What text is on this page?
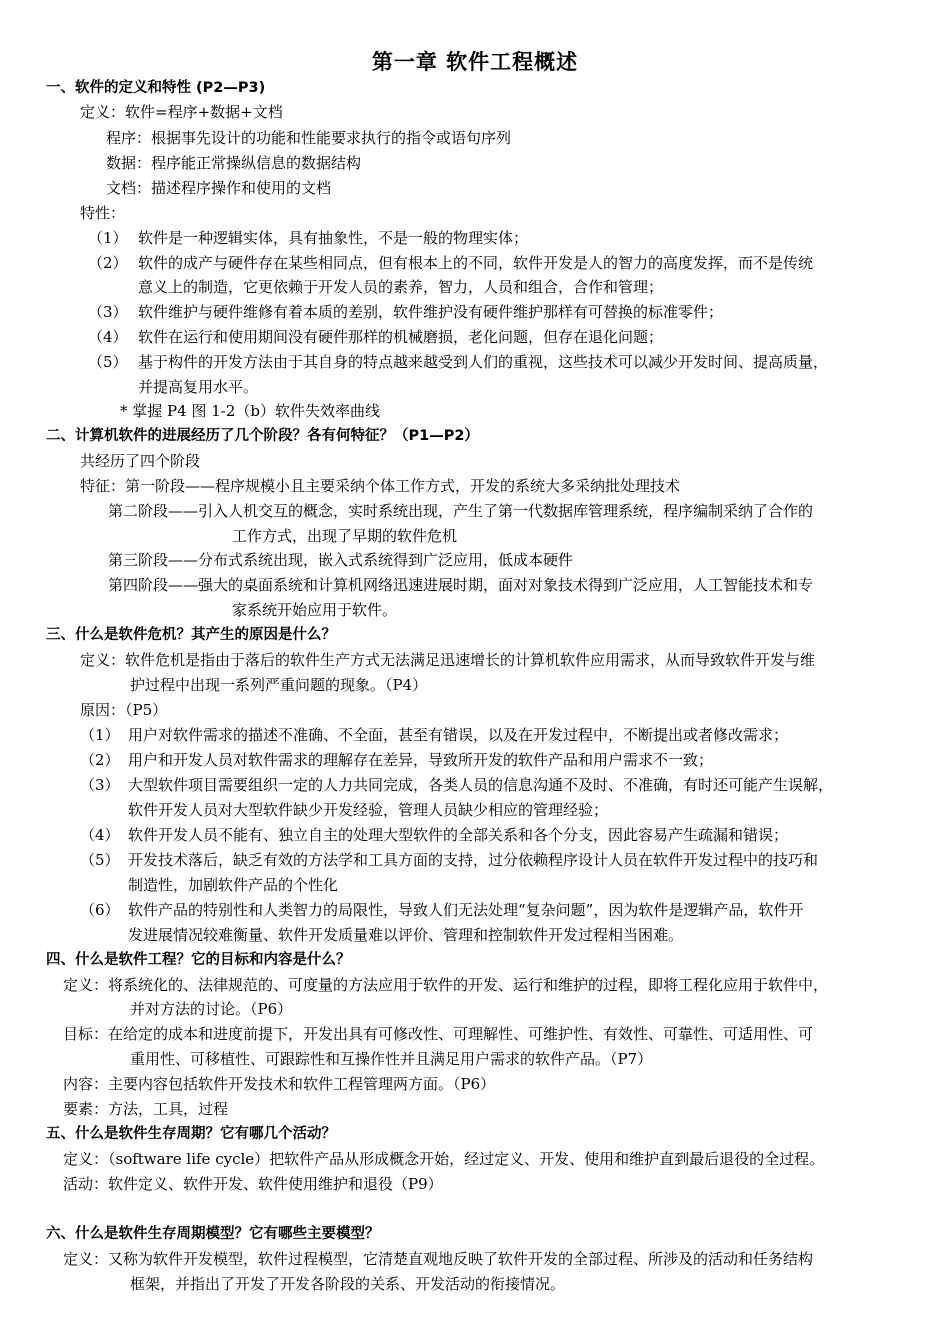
第一章 软件工程概述
一、软件的定义和特性 (P2—P3)
定义：软件=程序+数据+文档
程序：根据事先设计的功能和性能要求执行的指令或语句序列
数据：程序能正常操纵信息的数据结构
文档：描述程序操作和使用的文档
特性：
（1） 软件是一种逻辑实体，具有抽象性，不是一般的物理实体；
（2） 软件的成产与硬件存在某些相同点，但有根本上的不同，软件开发是人的智力的高度发挥，而不是传统
意义上的制造，它更依赖于开发人员的素养，智力，人员和组合，合作和管理；
（3） 软件维护与硬件维修有着本质的差别，软件维护没有硬件维护那样有可替换的标准零件；
（4） 软件在运行和使用期间没有硬件那样的机械磨损，老化问题，但存在退化问题；
（5） 基于构件的开发方法由于其自身的特点越来越受到人们的重视，这些技术可以减少开发时间、提高质量，
并提高复用水平。
* 掌握 P4 图 1-2（b）软件失效率曲线
二、计算机软件的进展经历了几个阶段？各有何特征？（P1—P2）
共经历了四个阶段
特征：第一阶段——程序规模小且主要采纳个体工作方式，开发的系统大多采纳批处理技术
第二阶段——引入人机交互的概念，实时系统出现，产生了第一代数据库管理系统，程序编制采纳了合作的
工作方式，出现了早期的软件危机
第三阶段——分布式系统出现，嵌入式系统得到广泛应用，低成本硬件
第四阶段——强大的桌面系统和计算机网络迅速进展时期，面对对象技术得到广泛应用，人工智能技术和专
家系统开始应用于软件。
三、什么是软件危机？其产生的原因是什么？
定义：软件危机是指由于落后的软件生产方式无法满足迅速增长的计算机软件应用需求，从而导致软件开发与维
护过程中出现一系列严重问题的现象。（P4）
原因：（P5）
（1） 用户对软件需求的描述不准确、不全面，甚至有错误，以及在开发过程中，不断提出或者修改需求；
（2） 用户和开发人员对软件需求的理解存在差异，导致所开发的软件产品和用户需求不一致；
（3） 大型软件项目需要组织一定的人力共同完成，各类人员的信息沟通不及时、不准确，有时还可能产生误解，
软件开发人员对大型软件缺少开发经验，管理人员缺少相应的管理经验；
（4） 软件开发人员不能有、独立自主的处理大型软件的全部关系和各个分支，因此容易产生疏漏和错误；
（5） 开发技术落后，缺乏有效的方法学和工具方面的支持，过分依赖程序设计人员在软件开发过程中的技巧和
制造性，加剧软件产品的个性化
（6） 软件产品的特别性和人类智力的局限性，导致人们无法处理“复杂问题”，因为软件是逻辑产品，软件开
发进展情况较难衡量、软件开发质量难以评价、管理和控制软件开发过程相当困难。
四、什么是软件工程？它的目标和内容是什么？
定义：将系统化的、法律规范的、可度量的方法应用于软件的开发、运行和维护的过程，即将工程化应用于软件中，
并对方法的讨论。（P6）
目标：在给定的成本和进度前提下，开发出具有可修改性、可理解性、可维护性、有效性、可靠性、可适用性、可
重用性、可移植性、可跟踪性和互操作性并且满足用户需求的软件产品。（P7）
内容：主要内容包括软件开发技术和软件工程管理两方面。（P6）
要素：方法，工具，过程
五、什么是软件生存周期？它有哪几个活动？
定义：（software life cycle）把软件产品从形成概念开始，经过定义、开发、使用和维护直到最后退役的全过程。
活动：软件定义、软件开发、软件使用维护和退役（P9）
六、什么是软件生存周期模型？它有哪些主要模型？
定义：又称为软件开发模型，软件过程模型，它清楚直观地反映了软件开发的全部过程、所涉及的活动和任务结构
框架，并指出了开发了开发各阶段的关系、开发活动的衔接情况。
